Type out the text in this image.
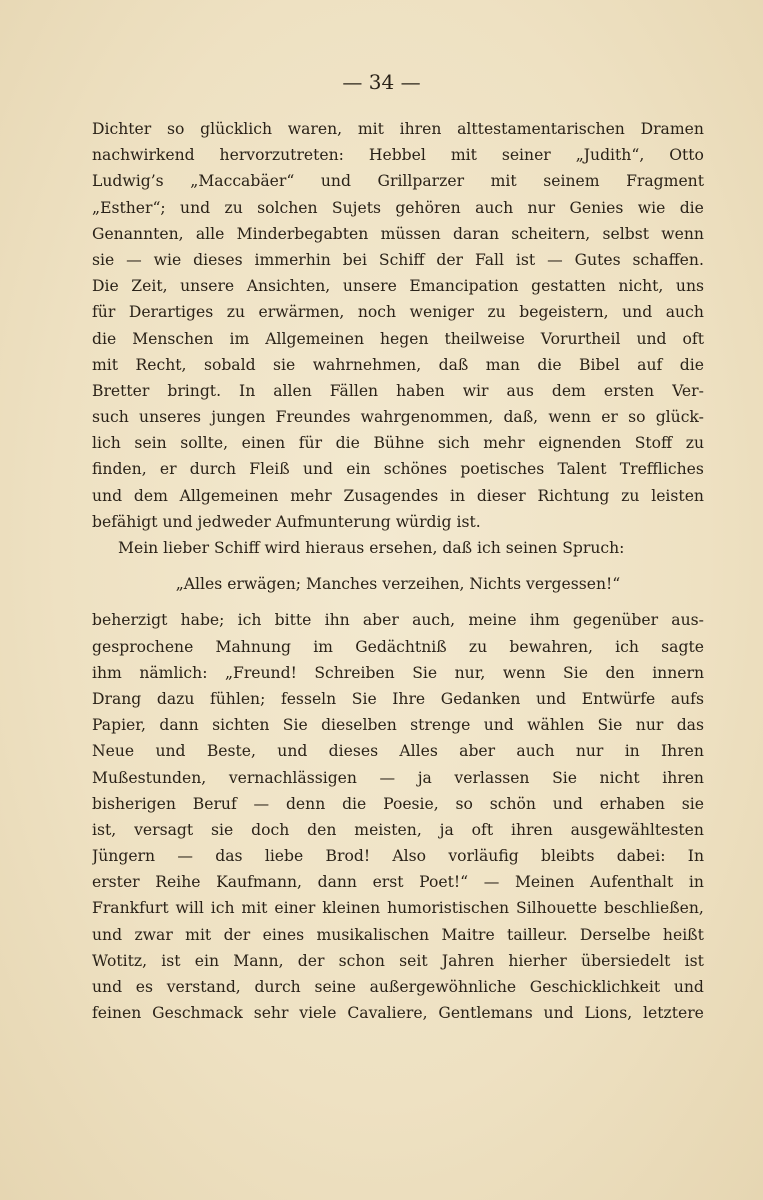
— 34 —
Dichter so glücklich waren, mit ihren alttestamentarischen Dramen
nachwirkend hervorzutreten: Hebbel mit seiner „Judith“, Otto
Ludwig’s „Maccabäer“ und Grillparzer mit seinem Fragment
„Esther“; und zu solchen Sujets gehören auch nur Genies wie die
Genannten, alle Minderbegabten müssen daran scheitern, selbst wenn
sie — wie dieses immerhin bei Schiff der Fall ist — Gutes schaffen.
Die Zeit, unsere Ansichten, unsere Emancipation gestatten nicht, uns
für Derartiges zu erwärmen, noch weniger zu begeistern, und auch
die Menschen im Allgemeinen hegen theilweise Vorurtheil und oft
mit Recht, sobald sie wahrnehmen, daß man die Bibel auf die
Bretter bringt. In allen Fällen haben wir aus dem ersten Ver-
such unseres jungen Freundes wahrgenommen, daß, wenn er so glück-
lich sein sollte, einen für die Bühne sich mehr eignenden Stoff zu
finden, er durch Fleiß und ein schönes poetisches Talent Treffliches
und dem Allgemeinen mehr Zusagendes in dieser Richtung zu leisten
befähigt und jedweder Aufmunterung würdig ist.
Mein lieber Schiff wird hieraus ersehen, daß ich seinen Spruch:
„Alles erwägen; Manches verzeihen, Nichts vergessen!“
beherzigt habe; ich bitte ihn aber auch, meine ihm gegenüber aus-
gesprochene Mahnung im Gedächtniß zu bewahren, ich sagte
ihm nämlich: „Freund! Schreiben Sie nur, wenn Sie den innern
Drang dazu fühlen; fesseln Sie Ihre Gedanken und Entwürfe aufs
Papier, dann sichten Sie dieselben strenge und wählen Sie nur das
Neue und Beste, und dieses Alles aber auch nur in Ihren
Mußestunden, vernachlässigen — ja verlassen Sie nicht ihren
bisherigen Beruf — denn die Poesie, so schön und erhaben sie
ist, versagt sie doch den meisten, ja oft ihren ausgewähltesten
Jüngern — das liebe Brod! Also vorläufig bleibts dabei: In
erster Reihe Kaufmann, dann erst Poet!“ — Meinen Aufenthalt in
Frankfurt will ich mit einer kleinen humoristischen Silhouette beschließen,
und zwar mit der eines musikalischen Maitre tailleur. Derselbe heißt
Wotitz, ist ein Mann, der schon seit Jahren hierher übersiedelt ist
und es verstand, durch seine außergewöhnliche Geschicklichkeit und
feinen Geschmack sehr viele Cavaliere, Gentlemans und Lions, letztere
